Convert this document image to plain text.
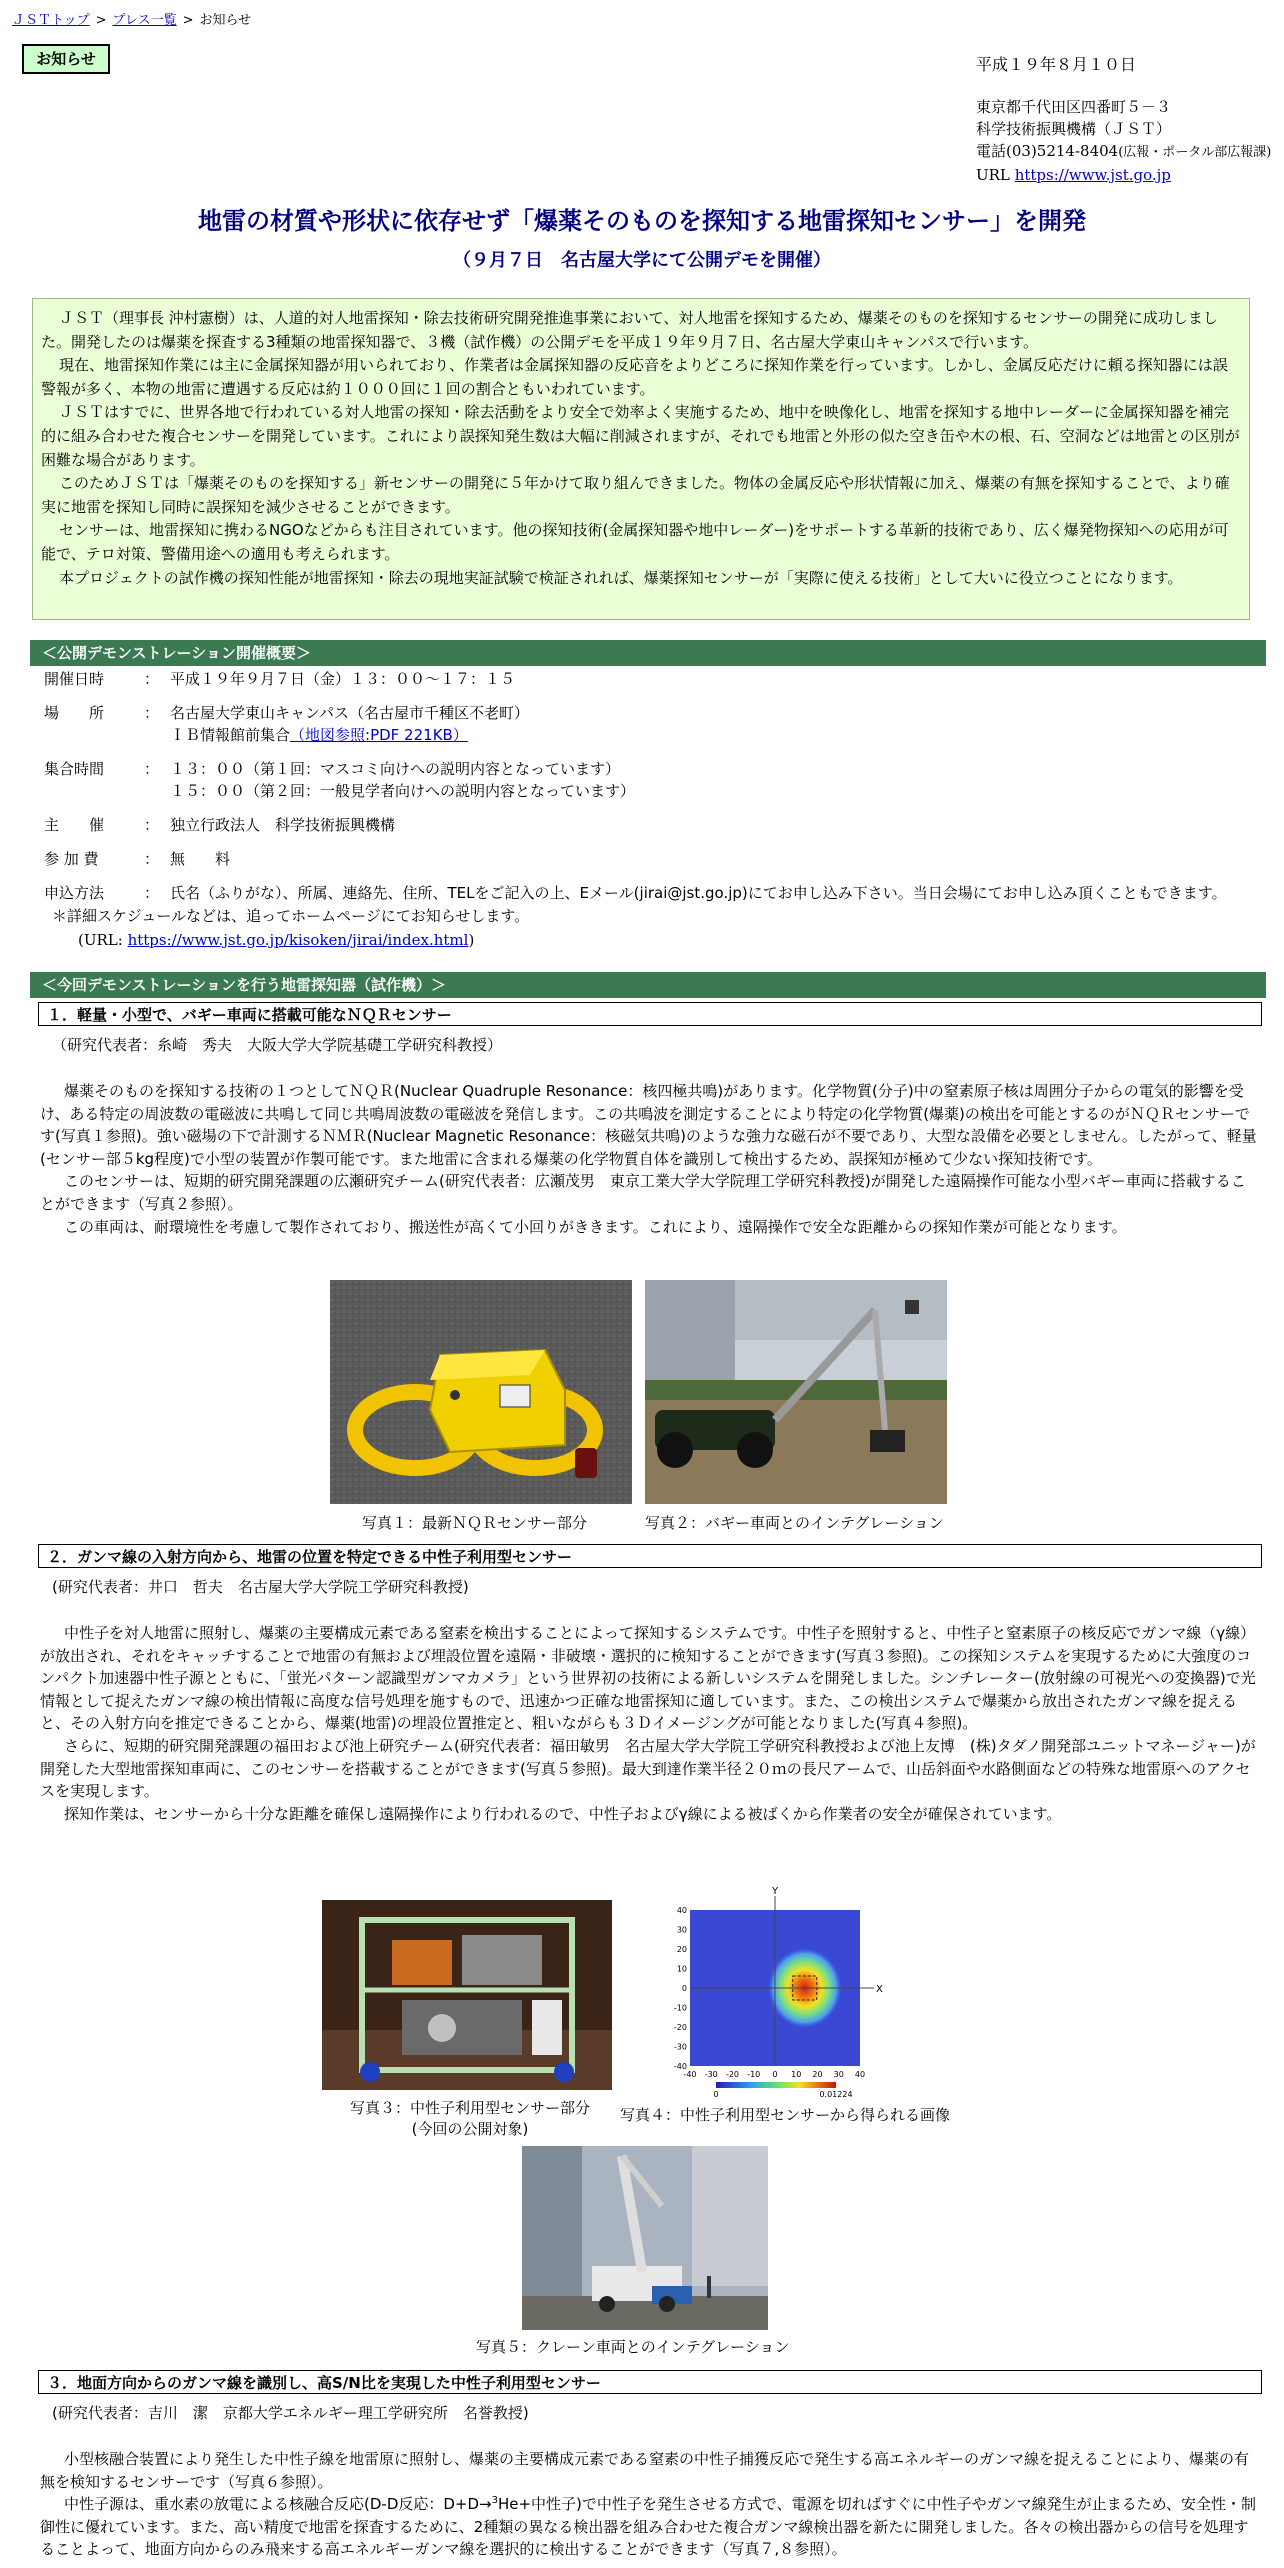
ＪＳＴトップ > プレス一覧 > お知らせ
お知らせ	平成１９年８月１０日
東京都千代田区四番町５－３
科学技術振興機構（ＪＳＴ）
電話(03)5214-8404(広報・ポータル部広報課)
URL https://www.jst.go.jp
地雷の材質や形状に依存せず「爆薬そのものを探知する地雷探知センサー」を開発
（９月７日　名古屋大学にて公開デモを開催）

ＪＳＴ（理事長 沖村憲樹）は、人道的対人地雷探知・除去技術研究開発推進事業において、対人地雷を探知するため、爆薬そのものを探知するセンサーの開発に成功しました。開発したのは爆薬を探査する3種類の地雷探知器で、３機（試作機）の公開デモを平成１９年９月７日、名古屋大学東山キャンパスで行います。

現在、地雷探知作業には主に金属探知器が用いられており、作業者は金属探知器の反応音をよりどころに探知作業を行っています。しかし、金属反応だけに頼る探知器には誤警報が多く、本物の地雷に遭遇する反応は約１０００回に１回の割合ともいわれています。

ＪＳＴはすでに、世界各地で行われている対人地雷の探知・除去活動をより安全で効率よく実施するため、地中を映像化し、地雷を探知する地中レーダーに金属探知器を補完的に組み合わせた複合センサーを開発しています。これにより誤探知発生数は大幅に削減されますが、それでも地雷と外形の似た空き缶や木の根、石、空洞などは地雷との区別が困難な場合があります。

このためＪＳＴは「爆薬そのものを探知する」新センサーの開発に５年かけて取り組んできました。物体の金属反応や形状情報に加え、爆薬の有無を探知することで、より確実に地雷を探知し同時に誤探知を減少させることができます。

センサーは、地雷探知に携わるNGOなどからも注目されています。他の探知技術(金属探知器や地中レーダー)をサポートする革新的技術であり、広く爆発物探知への応用が可能で、テロ対策、警備用途への適用も考えられます。

本プロジェクトの試作機の探知性能が地雷探知・除去の現地実証試験で検証されれば、爆薬探知センサーが「実際に使える技術」として大いに役立つことになります。

＜公開デモンストレーション開催概要＞
開催日時	： 平成１９年９月７日（金）１３：００～１７：１５
場　　所	： 名古屋大学東山キャンパス（名古屋市千種区不老町）
ＩＢ情報館前集合（地図参照:PDF 221KB）
集合時間	： １３：００（第１回：マスコミ向けへの説明内容となっています）
１５：００（第２回：一般見学者向けへの説明内容となっています）
主　　催	： 独立行政法人　科学技術振興機構
参 加 費	： 無　　料
申込方法	： 氏名（ふりがな）、所属、連絡先、住所、TELをご記入の上、Eメール(jirai@jst.go.jp)にてお申し込み下さい。当日会場にてお申し込み頂くこともできます。
＊詳細スケジュールなどは、追ってホームページにてお知らせします。
(URL: https://www.jst.go.jp/kisoken/jirai/index.html)
＜今回デモンストレーションを行う地雷探知器（試作機）＞
１．軽量・小型で、バギー車両に搭載可能なＮＱＲセンサー
（研究代表者：糸崎　秀夫　大阪大学大学院基礎工学研究科教授）

爆薬そのものを探知する技術の１つとしてＮＱＲ(Nuclear Quadruple Resonance：核四極共鳴)があります。化学物質(分子)中の窒素原子核は周囲分子からの電気的影響を受け、ある特定の周波数の電磁波に共鳴して同じ共鳴周波数の電磁波を発信します。この共鳴波を測定することにより特定の化学物質(爆薬)の検出を可能とするのがＮＱＲセンサーです(写真１参照)。強い磁場の下で計測するＮＭＲ(Nuclear Magnetic Resonance：核磁気共鳴)のような強力な磁石が不要であり、大型な設備を必要としません。したがって、軽量(センサー部５kg程度)で小型の装置が作製可能です。また地雷に含まれる爆薬の化学物質自体を識別して検出するため、誤探知が極めて少ない探知技術です。

このセンサーは、短期的研究開発課題の広瀬研究チーム(研究代表者：広瀬茂男　東京工業大学大学院理工学研究科教授)が開発した遠隔操作可能な小型バギー車両に搭載することができます（写真２参照）。

この車両は、耐環境性を考慮して製作されており、搬送性が高くて小回りがききます。これにより、遠隔操作で安全な距離からの探知作業が可能となります。

写真１：最新ＮＱＲセンサー部分	写真２：バギー車両とのインテグレーション
２．ガンマ線の入射方向から、地雷の位置を特定できる中性子利用型センサー
(研究代表者：井口　哲夫　名古屋大学大学院工学研究科教授)

中性子を対人地雷に照射し、爆薬の主要構成元素である窒素を検出することによって探知するシステムです。中性子を照射すると、中性子と窒素原子の核反応でガンマ線（γ線）が放出され、それをキャッチすることで地雷の有無および埋設位置を遠隔・非破壊・選択的に検知することができます(写真３参照)。この探知システムを実現するために大強度のコンパクト加速器中性子源とともに、「蛍光パターン認識型ガンマカメラ」という世界初の技術による新しいシステムを開発しました。シンチレーター(放射線の可視光への変換器)で光情報として捉えたガンマ線の検出情報に高度な信号処理を施すもので、迅速かつ正確な地雷探知に適しています。また、この検出システムで爆薬から放出されたガンマ線を捉えると、その入射方向を推定できることから、爆薬(地雷)の埋設位置推定と、粗いながらも３Ｄイメージングが可能となりました(写真４参照)。

さらに、短期的研究開発課題の福田および池上研究チーム(研究代表者：福田敏男　名古屋大学大学院工学研究科教授および池上友博　(株)タダノ開発部ユニットマネージャー)が開発した大型地雷探知車両に、このセンサーを搭載することができます(写真５参照)。最大到達作業半径２０ｍの長尺アームで、山岳斜面や水路側面などの特殊な地雷原へのアクセスを実現します。

探知作業は、センサーから十分な距離を確保し遠隔操作により行われるので、中性子およびγ線による被ばくから作業者の安全が確保されています。

Y
X
-40 -30 -20 -10 0 10 20 30 40
40
30
20
10
0
-10
-20
-30
-40
0	0.01224
写真３：中性子利用型センサー部分
(今回の公開対象)
写真４：中性子利用型センサーから得られる画像
写真５：クレーン車両とのインテグレーション
３．地面方向からのガンマ線を識別し、高S/N比を実現した中性子利用型センサー
(研究代表者：吉川　潔　京都大学エネルギー理工学研究所　名誉教授)

小型核融合装置により発生した中性子線を地雷原に照射し、爆薬の主要構成元素である窒素の中性子捕獲反応で発生する高エネルギーのガンマ線を捉えることにより、爆薬の有無を検知するセンサーです（写真６参照）。

中性子源は、重水素の放電による核融合反応(D-D反応：D+D→$^3$He+中性子)で中性子を発生させる方式で、電源を切ればすぐに中性子やガンマ線発生が止まるため、安全性・制御性に優れています。また、高い精度で地雷を探査するために、2種類の異なる検出器を組み合わせた複合ガンマ線検出器を新たに開発しました。各々の検出器からの信号を処理することよって、地面方向からのみ飛来する高エネルギーガンマ線を選択的に検出することができます（写真７,８参照）。
